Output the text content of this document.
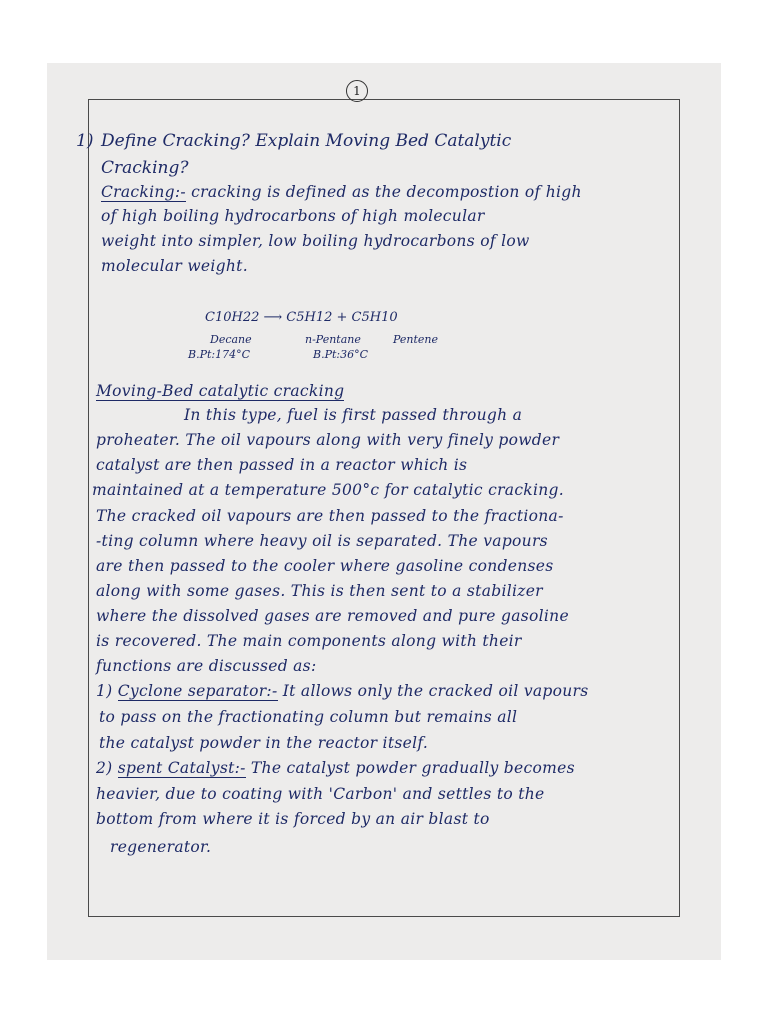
1
1) Define Cracking? Explain Moving Bed Catalytic
Cracking?
Cracking:- cracking is defined as the decompostion of high
of high boiling hydrocarbons of high molecular
weight into simpler, low boiling hydrocarbons of low
molecular weight.
C10H22 ⟶ C5H12 + C5H10
Decane	n-Pentane	Pentene
B.Pt:174°C	B.Pt:36°C
Moving-Bed catalytic cracking
In this type, fuel is first passed through a
proheater. The oil vapours along with very finely powder
catalyst are then passed in a reactor which is
maintained at a temperature 500°c for catalytic cracking.
The cracked oil vapours are then passed to the fractiona-
-ting column where heavy oil is separated. The vapours
are then passed to the cooler where gasoline condenses
along with some gases. This is then sent to a stabilizer
where the dissolved gases are removed and pure gasoline
is recovered. The main components along with their
functions are discussed as:
1) Cyclone separator:- It allows only the cracked oil vapours
to pass on the fractionating column but remains all
the catalyst powder in the reactor itself.
2) spent Catalyst:- The catalyst powder gradually becomes
heavier, due to coating with 'Carbon' and settles to the
bottom from where it is forced by an air blast to
regenerator.
